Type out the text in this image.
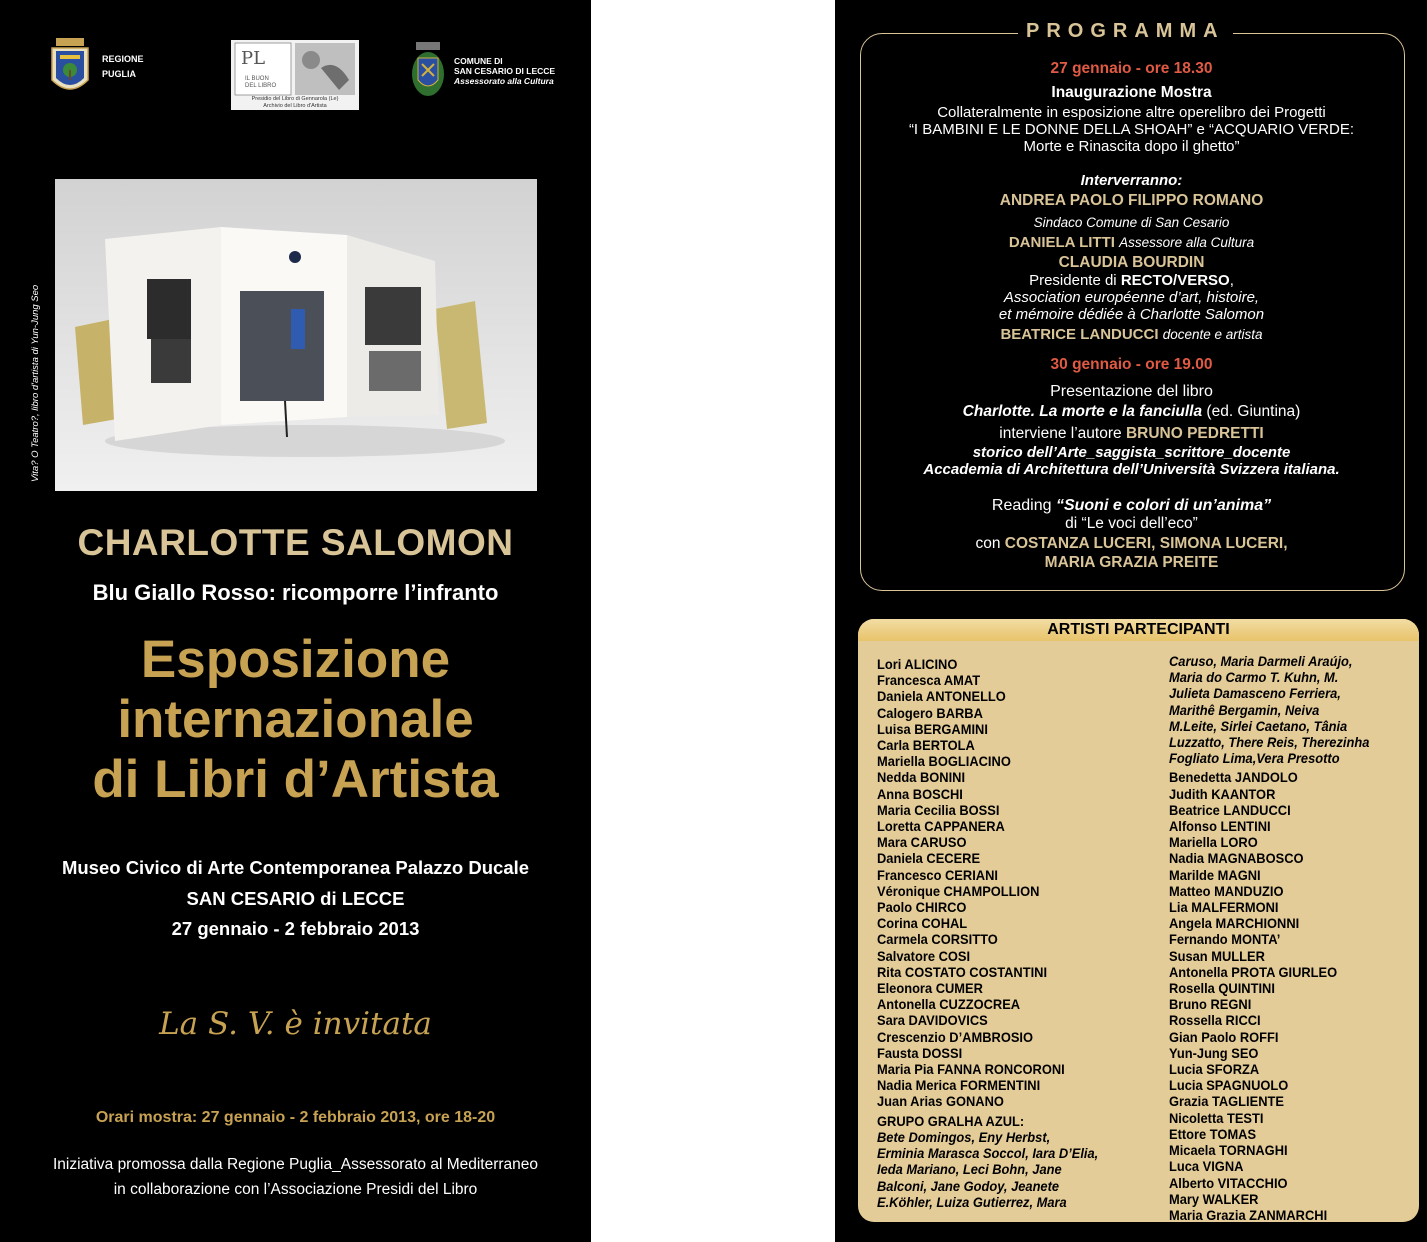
REGIONE
PUGLIA
PL
IL BUON
DEL LIBRO
Presidio del Libro di Gennarola (Le)
Archivio del Libro d'Artista
COMUNE DI
SAN CESARIO DI LECCE
Assessorato alla Cultura
Vita? O Teatro?, libro d'artista di Yun-Jung Seo
CHARLOTTE SALOMON
Blu Giallo Rosso: ricomporre l’infranto
Esposizione
internazionale
di Libri d’Artista
Museo Civico di Arte Contemporanea Palazzo Ducale
SAN CESARIO di LECCE
27 gennaio - 2 febbraio 2013
La S. V. è invitata
Orari mostra: 27 gennaio - 2 febbraio 2013, ore 18-20
Iniziativa promossa dalla Regione Puglia_Assessorato al Mediterraneo
in collaborazione con l’Associazione Presidi del Libro
PROGRAMMA
27 gennaio - ore 18.30
Inaugurazione Mostra
Collateralmente in esposizione altre operelibro dei Progetti
“I BAMBINI E LE DONNE DELLA SHOAH” e “ACQUARIO VERDE:
Morte e Rinascita dopo il ghetto”
Interverranno:
ANDREA PAOLO FILIPPO ROMANO
Sindaco Comune di San Cesario
DANIELA LITTI Assessore alla Cultura
CLAUDIA BOURDIN
Presidente di RECTO/VERSO,
Association européenne d’art, histoire,
et mémoire dédiée à Charlotte Salomon
BEATRICE LANDUCCI docente e artista
30 gennaio - ore 19.00
Presentazione del libro
Charlotte. La morte e la fanciulla (ed. Giuntina)
interviene l’autore BRUNO PEDRETTI
storico dell’Arte_saggista_scrittore_docente
Accademia di Architettura dell’Università Svizzera italiana.
Reading “Suoni e colori di un’anima”
di “Le voci dell’eco”
con COSTANZA LUCERI, SIMONA LUCERI,
MARIA GRAZIA PREITE
ARTISTI PARTECIPANTI
Lori ALICINO
Francesca AMAT
Daniela ANTONELLO
Calogero BARBA
Luisa BERGAMINI
Carla BERTOLA
Mariella BOGLIACINO
Nedda BONINI
Anna BOSCHI
Maria Cecilia BOSSI
Loretta CAPPANERA
Mara CARUSO
Daniela CECERE
Francesco CERIANI
Véronique CHAMPOLLION
Paolo CHIRCO
Corina COHAL
Carmela CORSITTO
Salvatore COSI
Rita COSTATO COSTANTINI
Eleonora CUMER
Antonella CUZZOCREA
Sara DAVIDOVICS
Crescenzio D’AMBROSIO
Fausta DOSSI
Maria Pia FANNA RONCORONI
Nadia Merica FORMENTINI
Juan Arias GONANO
GRUPO GRALHA AZUL:
Bete Domingos, Eny Herbst,
Erminia Marasca Soccol, Iara D’Elia,
Ieda Mariano, Leci Bohn, Jane
Balconi, Jane Godoy, Jeanete
E.Köhler, Luiza Gutierrez, Mara
Caruso, Maria Darmeli Araújo,
Maria do Carmo T. Kuhn, M.
Julieta Damasceno Ferriera,
Marithê Bergamin, Neiva
M.Leite, Sirlei Caetano, Tânia
Luzzatto, There Reis, Therezinha
Fogliato Lima,Vera Presotto
Benedetta JANDOLO
Judith KAANTOR
Beatrice LANDUCCI
Alfonso LENTINI
Mariella LORO
Nadia MAGNABOSCO
Marilde MAGNI
Matteo MANDUZIO
Lia MALFERMONI
Angela MARCHIONNI
Fernando MONTA’
Susan MULLER
Antonella PROTA GIURLEO
Rosella QUINTINI
Bruno REGNI
Rossella RICCI
Gian Paolo ROFFI
Yun-Jung SEO
Lucia SFORZA
Lucia SPAGNUOLO
Grazia TAGLIENTE
Nicoletta TESTI
Ettore TOMAS
Micaela TORNAGHI
Luca VIGNA
Alberto VITACCHIO
Mary WALKER
Maria Grazia ZANMARCHI
